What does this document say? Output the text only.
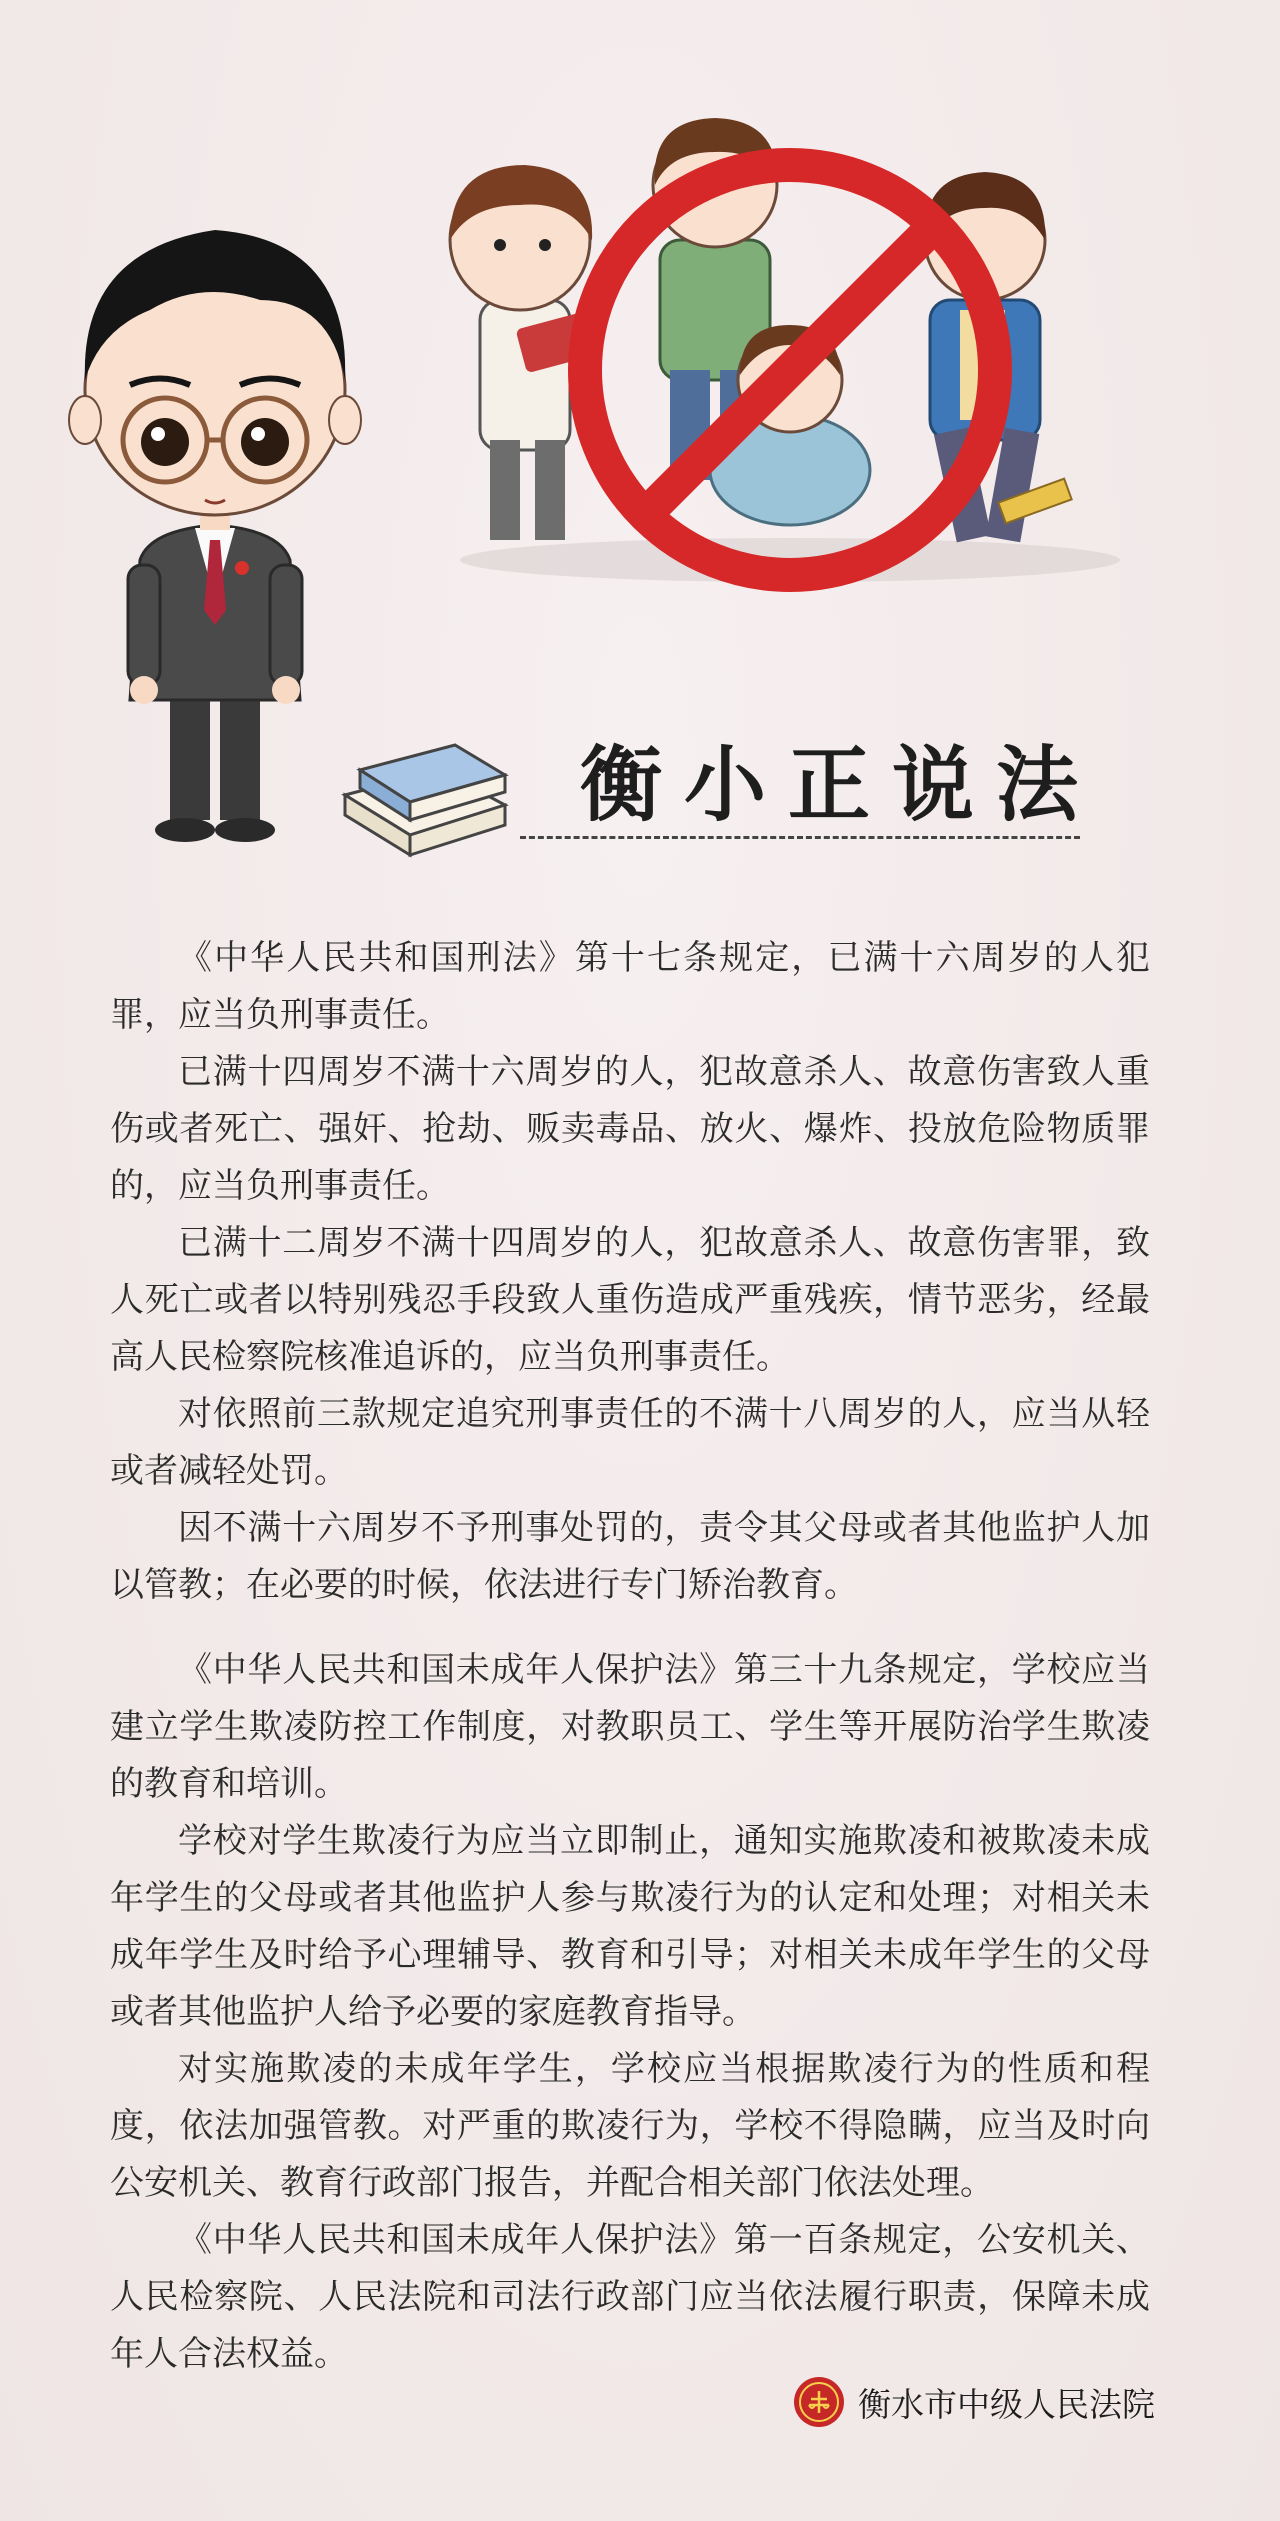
衡小正说法

《中华人民共和国刑法》第十七条规定，已满十六周岁的人犯罪，应当负刑事责任。

已满十四周岁不满十六周岁的人，犯故意杀人、故意伤害致人重伤或者死亡、强奸、抢劫、贩卖毒品、放火、爆炸、投放危险物质罪的，应当负刑事责任。

已满十二周岁不满十四周岁的人，犯故意杀人、故意伤害罪，致人死亡或者以特别残忍手段致人重伤造成严重残疾，情节恶劣，经最高人民检察院核准追诉的，应当负刑事责任。

对依照前三款规定追究刑事责任的不满十八周岁的人，应当从轻或者减轻处罚。

因不满十六周岁不予刑事处罚的，责令其父母或者其他监护人加以管教；在必要的时候，依法进行专门矫治教育。

《中华人民共和国未成年人保护法》第三十九条规定，学校应当建立学生欺凌防控工作制度，对教职员工、学生等开展防治学生欺凌的教育和培训。

学校对学生欺凌行为应当立即制止，通知实施欺凌和被欺凌未成年学生的父母或者其他监护人参与欺凌行为的认定和处理；对相关未成年学生及时给予心理辅导、教育和引导；对相关未成年学生的父母或者其他监护人给予必要的家庭教育指导。

对实施欺凌的未成年学生，学校应当根据欺凌行为的性质和程度，依法加强管教。对严重的欺凌行为，学校不得隐瞒，应当及时向公安机关、教育行政部门报告，并配合相关部门依法处理。

《中华人民共和国未成年人保护法》第一百条规定，公安机关、人民检察院、人民法院和司法行政部门应当依法履行职责，保障未成年人合法权益。

衡水市中级人民法院
